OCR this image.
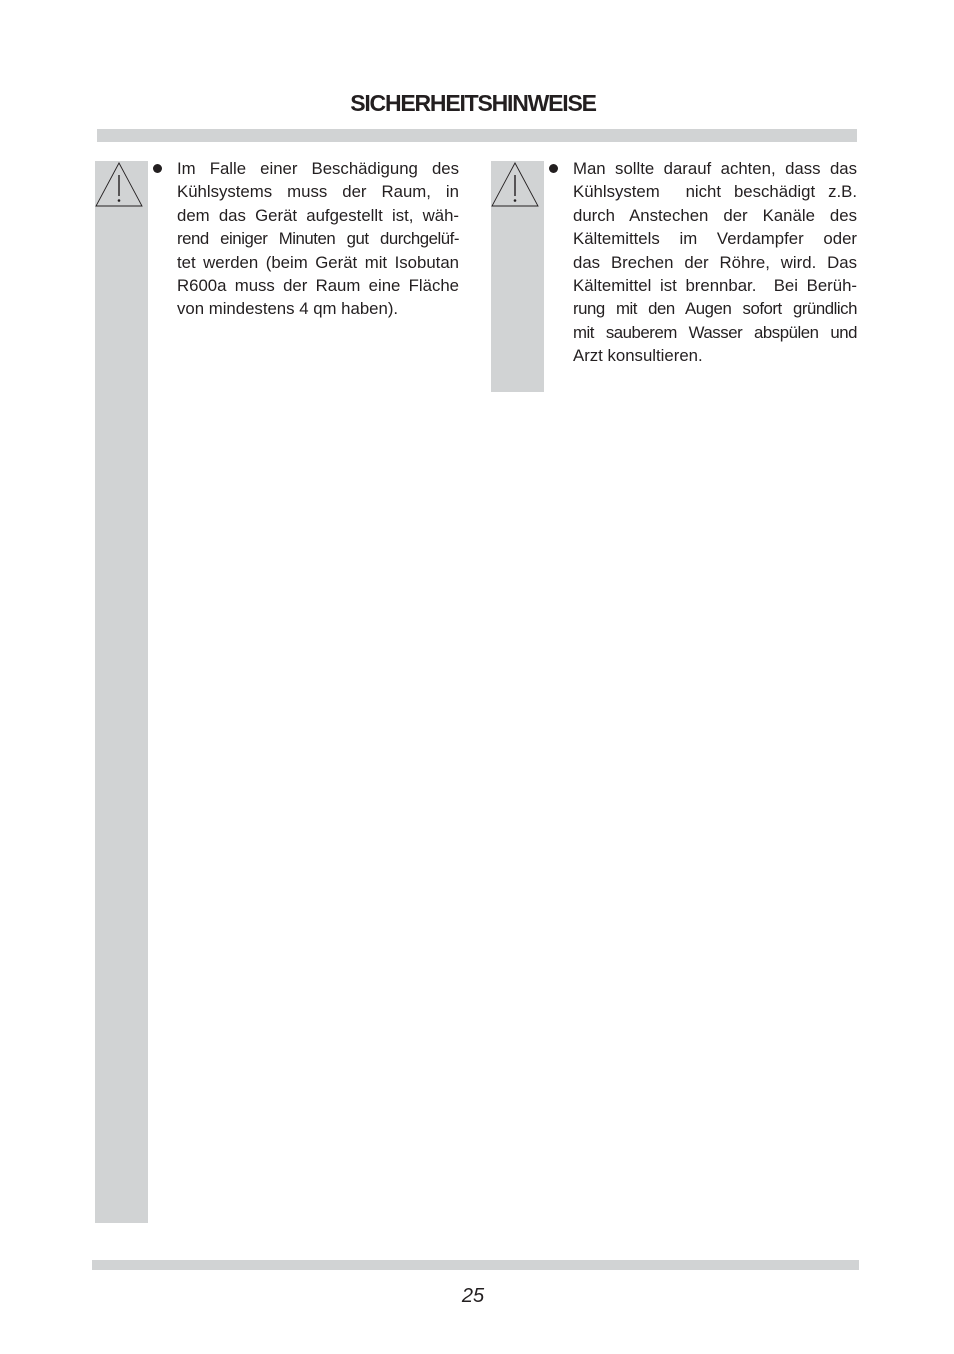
SICHERHEITSHINWEISE

Im Falle einer Beschädigung des
Kühlsystems muss der Raum, in
dem das Gerät aufgestellt ist, wäh-
rend einiger Minuten gut durchgelüf-
tet werden (beim Gerät mit Isobutan
R600a muss der Raum eine Fläche
von mindestens 4 qm haben).

Man sollte darauf achten, dass das
Kühlsystem  nicht beschädigt z.B.
durch Anstechen der Kanäle des
Kältemittels im Verdampfer oder
das Brechen der Röhre, wird. Das
Kältemittel ist brennbar.  Bei Berüh-
rung mit den Augen sofort gründlich
mit sauberem Wasser abspülen und
Arzt konsultieren.

25
